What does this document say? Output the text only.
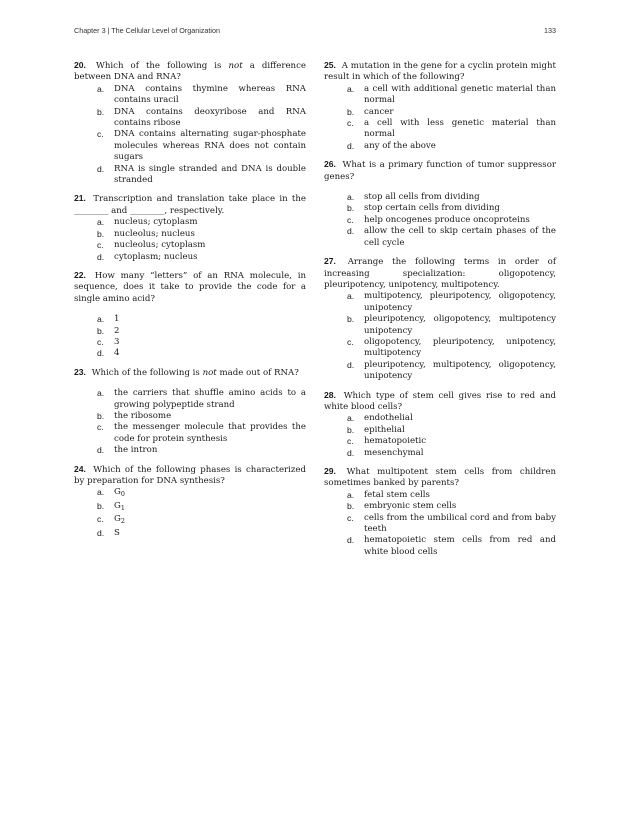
Chapter 3 | The Cellular Level of Organization	133

20. Which of the following is not a difference between DNA and RNA?

a. DNA contains thymine whereas RNA contains uracil
b. DNA contains deoxyribose and RNA contains ribose
c. DNA contains alternating sugar-phosphate molecules whereas RNA does not contain sugars
d. RNA is single stranded and DNA is double stranded

21. Transcription and translation take place in the ________ and ________, respectively.

a. nucleus; cytoplasm
b. nucleolus; nucleus
c. nucleolus; cytoplasm
d. cytoplasm; nucleus

22. How many “letters” of an RNA molecule, in sequence, does it take to provide the code for a single amino acid?

a. 1
b. 2
c. 3
d. 4

23. Which of the following is not made out of RNA?

a. the carriers that shuffle amino acids to a growing polypeptide strand
b. the ribosome
c. the messenger molecule that provides the code for protein synthesis
d. the intron

24. Which of the following phases is characterized by preparation for DNA synthesis?

a. $G_0$
b. $G_1$
c. $G_2$
d. S

25. A mutation in the gene for a cyclin protein might result in which of the following?

a. a cell with additional genetic material than normal
b. cancer
c. a cell with less genetic material than normal
d. any of the above

26. What is a primary function of tumor suppressor genes?

a. stop all cells from dividing
b. stop certain cells from dividing
c. help oncogenes produce oncoproteins
d. allow the cell to skip certain phases of the cell cycle

27. Arrange the following terms in order of increasing specialization: oligopotency, pleuripotency, unipotency, multipotency.

a. multipotency, pleuripotency, oligopotency, unipotency
b. pleuripotency, oligopotency, multipotency unipotency
c. oligopotency, pleuripotency, unipotency, multipotency
d. pleuripotency, multipotency, oligopotency, unipotency

28. Which type of stem cell gives rise to red and white blood cells?

a. endothelial
b. epithelial
c. hematopoietic
d. mesenchymal

29. What multipotent stem cells from children sometimes banked by parents?

a. fetal stem cells
b. embryonic stem cells
c. cells from the umbilical cord and from baby teeth
d. hematopoietic stem cells from red and white blood cells
